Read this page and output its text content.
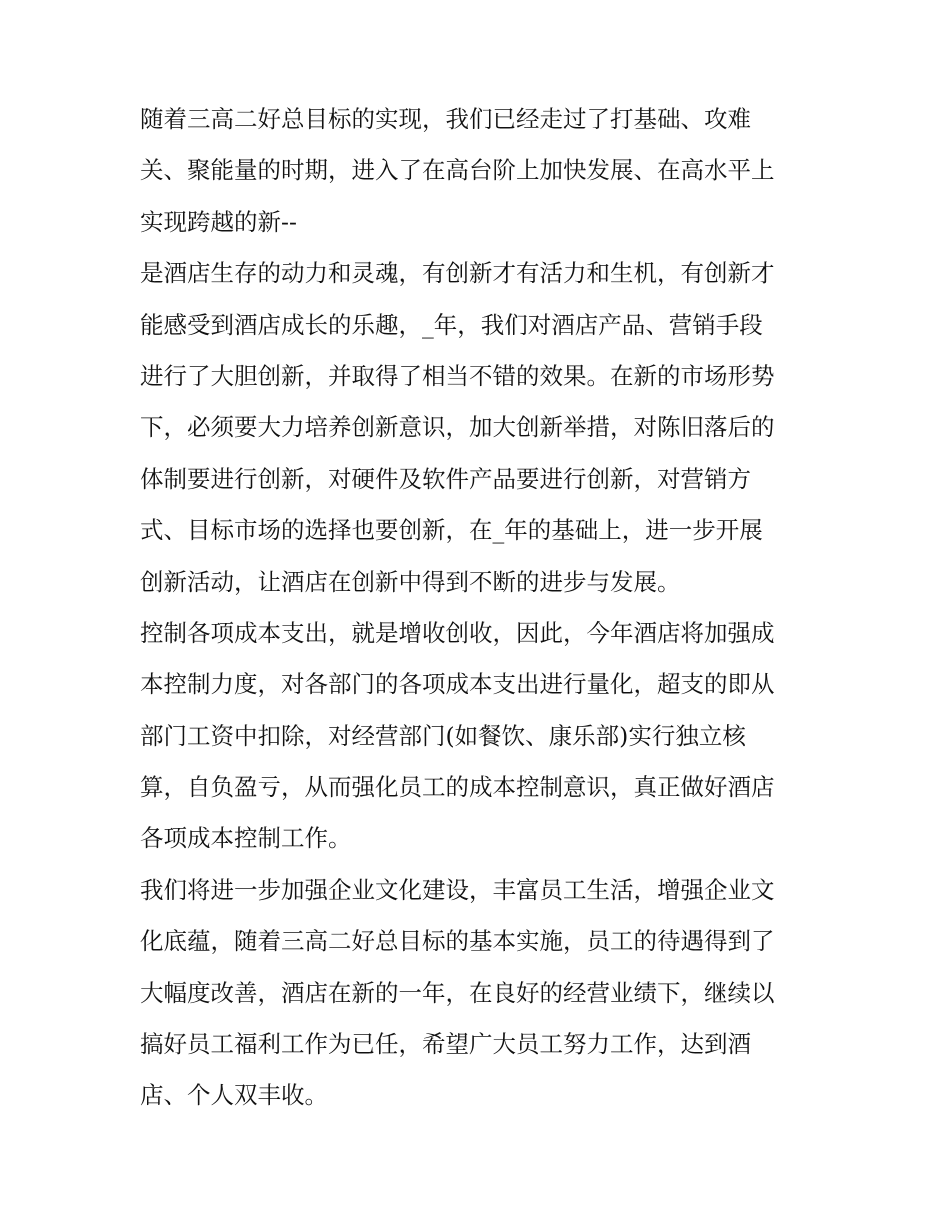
随着三高二好总目标的实现，我们已经走过了打基础、攻难
关、聚能量的时期，进入了在高台阶上加快发展、在高水平上
实现跨越的新--
是酒店生存的动力和灵魂，有创新才有活力和生机，有创新才
能感受到酒店成长的乐趣，_年，我们对酒店产品、营销手段
进行了大胆创新，并取得了相当不错的效果。在新的市场形势
下，必须要大力培养创新意识，加大创新举措，对陈旧落后的
体制要进行创新，对硬件及软件产品要进行创新，对营销方
式、目标市场的选择也要创新，在_年的基础上，进一步开展
创新活动，让酒店在创新中得到不断的进步与发展。
控制各项成本支出，就是增收创收，因此，今年酒店将加强成
本控制力度，对各部门的各项成本支出进行量化，超支的即从
部门工资中扣除，对经营部门(如餐饮、康乐部)实行独立核
算，自负盈亏，从而强化员工的成本控制意识，真正做好酒店
各项成本控制工作。
我们将进一步加强企业文化建设，丰富员工生活，增强企业文
化底蕴，随着三高二好总目标的基本实施，员工的待遇得到了
大幅度改善，酒店在新的一年，在良好的经营业绩下，继续以
搞好员工福利工作为已任，希望广大员工努力工作，达到酒
店、个人双丰收。
